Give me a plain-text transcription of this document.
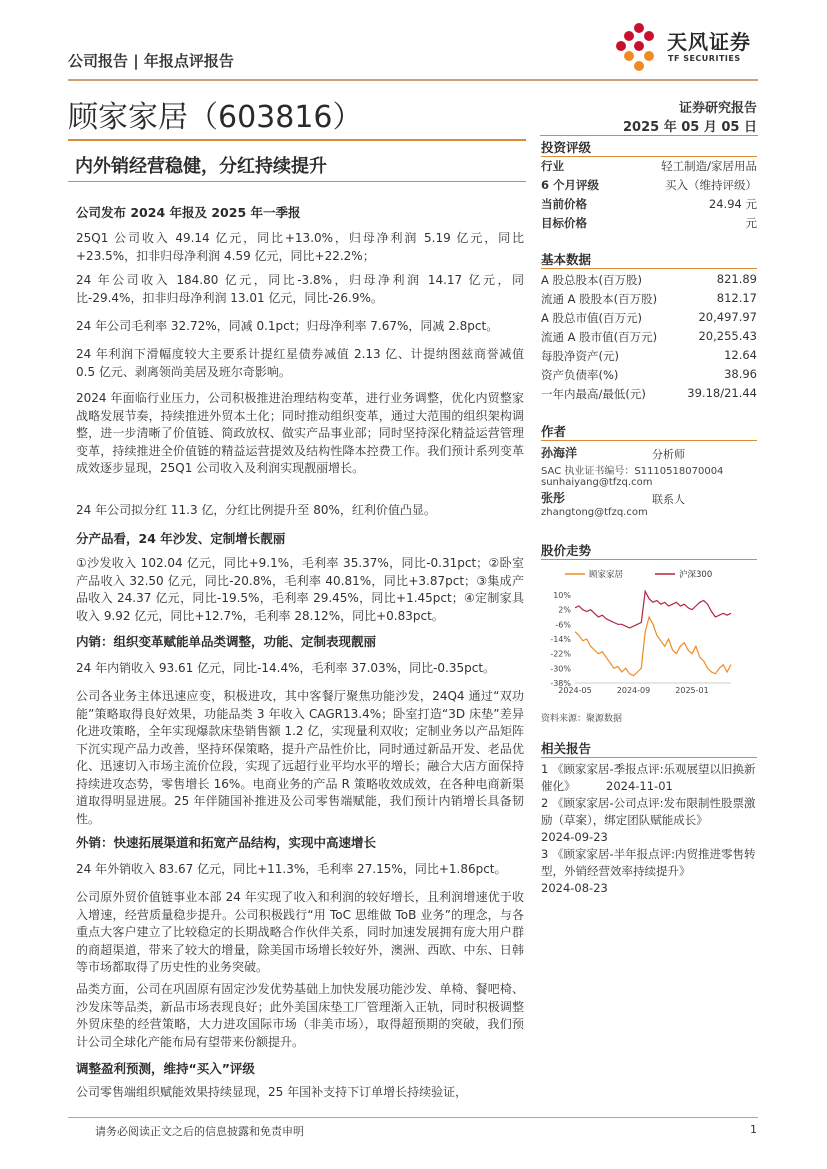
公司报告 | 年报点评报告
天风证券
TF SECURITIES
顾家家居（603816）	证券研究报告
2025 年 05 月 05 日
内外销经营稳健，分红持续提升
公司发布 2024 年报及 2025 年一季报
25Q1 公司收入 49.14 亿元，同比+13.0%，归母净利润 5.19 亿元，同比+23.5%，扣非归母净利润 4.59 亿元，同比+22.2%；
24 年公司收入 184.80 亿元，同比-3.8%，归母净利润 14.17 亿元，同比-29.4%，扣非归母净利润 13.01 亿元，同比-26.9%。
24 年公司毛利率 32.72%，同减 0.1pct；归母净利率 7.67%，同减 2.8pct。
24 年利润下滑幅度较大主要系计提红星债券减值 2.13 亿、计提纳图兹商誉减值 0.5 亿元、剥离领尚美居及班尔奇影响。
2024 年面临行业压力，公司积极推进治理结构变革，进行业务调整，优化内贸整家战略发展节奏，持续推进外贸本土化；同时推动组织变革，通过大范围的组织架构调整，进一步清晰了价值链、简政放权、做实产品事业部；同时坚持深化精益运营管理变革，持续推进全价值链的精益运营提效及结构性降本控费工作。我们预计系列变革成效逐步显现，25Q1 公司收入及利润实现靓丽增长。
24 年公司拟分红 11.3 亿，分红比例提升至 80%，红利价值凸显。
分产品看，24 年沙发、定制增长靓丽
①沙发收入 102.04 亿元，同比+9.1%，毛利率 35.37%，同比-0.31pct；②卧室产品收入 32.50 亿元，同比-20.8%，毛利率 40.81%，同比+3.87pct；③集成产品收入 24.37 亿元，同比-19.5%，毛利率 29.45%，同比+1.45pct；④定制家具收入 9.92 亿元，同比+12.7%，毛利率 28.12%，同比+0.83pct。
内销：组织变革赋能单品类调整，功能、定制表现靓丽
24 年内销收入 93.61 亿元，同比-14.4%，毛利率 37.03%，同比-0.35pct。
公司各业务主体迅速应变，积极进攻，其中客餐厅聚焦功能沙发，24Q4 通过“双功能”策略取得良好效果，功能品类 3 年收入 CAGR13.4%；卧室打造“3D 床垫”差异化进攻策略，全年实现爆款床垫销售额 1.2 亿，实现量利双收；定制业务以产品矩阵下沉实现产品力改善，坚持环保策略，提升产品性价比，同时通过新品开发、老品优化、迅速切入市场主流价位段，实现了远超行业平均水平的增长；融合大店方面保持持续进攻态势，零售增长 16%。电商业务的产品 R 策略收效成效，在各种电商新渠道取得明显进展。25 年伴随国补推进及公司零售端赋能，我们预计内销增长具备韧性。
外销：快速拓展渠道和拓宽产品结构，实现中高速增长
24 年外销收入 83.67 亿元，同比+11.3%，毛利率 27.15%，同比+1.86pct。
公司原外贸价值链事业本部 24 年实现了收入和利润的较好增长，且利润增速优于收入增速，经营质量稳步提升。公司积极践行“用 ToC 思维做 ToB 业务”的理念，与各重点大客户建立了比较稳定的长期战略合作伙伴关系，同时加速发展拥有庞大用户群的商超渠道，带来了较大的增量，除美国市场增长较好外，澳洲、西欧、中东、日韩等市场都取得了历史性的业务突破。
品类方面，公司在巩固原有固定沙发优势基础上加快发展功能沙发、单椅、餐吧椅、沙发床等品类，新品市场表现良好；此外美国床垫工厂管理渐入正轨，同时积极调整外贸床垫的经营策略，大力进攻国际市场（非美市场），取得超预期的突破，我们预计公司全球化产能布局有望带来份额提升。
调整盈利预测，维持“买入”评级
公司零售端组织赋能效果持续显现，25 年国补支持下订单增长持续验证，
投资评级
行业	轻工制造/家居用品
6 个月评级	买入（维持评级）
当前价格	24.94 元
目标价格	元
基本数据
A 股总股本(百万股)	821.89
流通 A 股股本(百万股)	812.17
A 股总市值(百万元)	20,497.97
流通 A 股市值(百万元)	20,255.43
每股净资产(元)	12.64
资产负债率(%)	38.96
一年内最高/最低(元)	39.18/21.44
作者
孙海洋	分析师
SAC 执业证书编号：S1110518070004
sunhaiyang@tfzq.com
张彤	联系人
zhangtong@tfzq.com
股价走势
顾家家居	沪深300
10%
2%
-6%
-14%
-22%
-30%
-38%
2024-05	2024-09	2025-01
资料来源：聚源数据
相关报告
1 《顾家家居-季报点评:乐观展望以旧换新催化》	2024-11-01
2 《顾家家居-公司点评:发布限制性股票激励（草案），绑定团队赋能成长》
2024-09-23
3 《顾家家居-半年报点评:内贸推进零售转型，外销经营效率持续提升》
2024-08-23
请务必阅读正文之后的信息披露和免责申明	1
